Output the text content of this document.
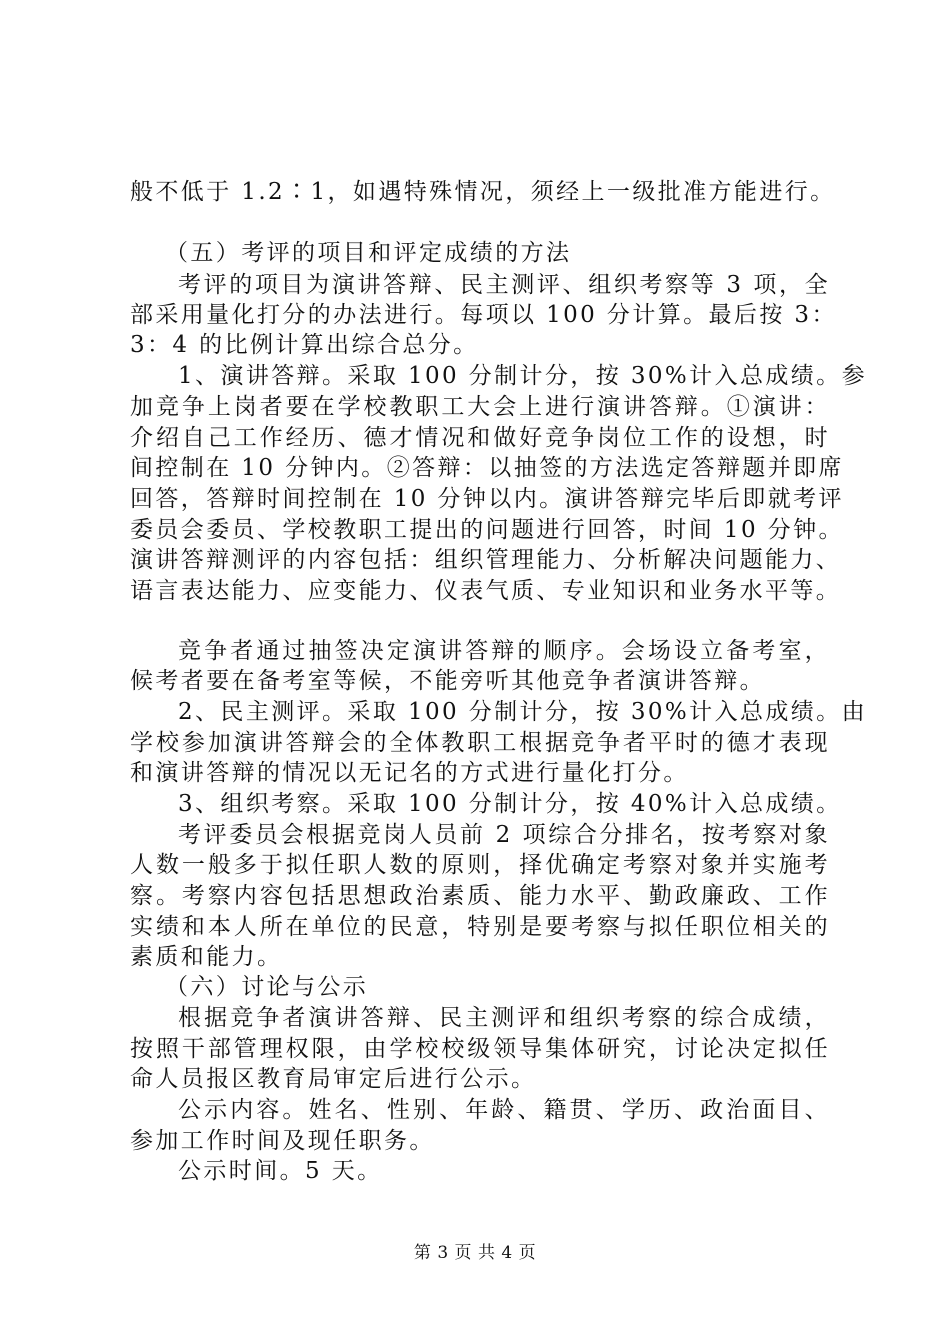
般不低于 1.2∶1，如遇特殊情况，须经上一级批准方能进行。
（五）考评的项目和评定成绩的方法
考评的项目为演讲答辩、民主测评、组织考察等 3 项，全
部采用量化打分的办法进行。每项以 100 分计算。最后按 3：
3：4 的比例计算出综合总分。
1、演讲答辩。采取 100 分制计分，按 30%计入总成绩。参
加竞争上岗者要在学校教职工大会上进行演讲答辩。①演讲：
介绍自己工作经历、德才情况和做好竞争岗位工作的设想，时
间控制在 10 分钟内。②答辩：以抽签的方法选定答辩题并即席
回答，答辩时间控制在 10 分钟以内。演讲答辩完毕后即就考评
委员会委员、学校教职工提出的问题进行回答，时间 10 分钟。
演讲答辩测评的内容包括：组织管理能力、分析解决问题能力、
语言表达能力、应变能力、仪表气质、专业知识和业务水平等。
竞争者通过抽签决定演讲答辩的顺序。会场设立备考室，
候考者要在备考室等候，不能旁听其他竞争者演讲答辩。
2、民主测评。采取 100 分制计分，按 30%计入总成绩。由
学校参加演讲答辩会的全体教职工根据竞争者平时的德才表现
和演讲答辩的情况以无记名的方式进行量化打分。
3、组织考察。采取 100 分制计分，按 40%计入总成绩。
考评委员会根据竞岗人员前 2 项综合分排名，按考察对象
人数一般多于拟任职人数的原则，择优确定考察对象并实施考
察。考察内容包括思想政治素质、能力水平、勤政廉政、工作
实绩和本人所在单位的民意，特别是要考察与拟任职位相关的
素质和能力。
（六）讨论与公示
根据竞争者演讲答辩、民主测评和组织考察的综合成绩，
按照干部管理权限，由学校校级领导集体研究，讨论决定拟任
命人员报区教育局审定后进行公示。
公示内容。姓名、性别、年龄、籍贯、学历、政治面目、
参加工作时间及现任职务。
公示时间。5 天。
第 3 页 共 4 页
